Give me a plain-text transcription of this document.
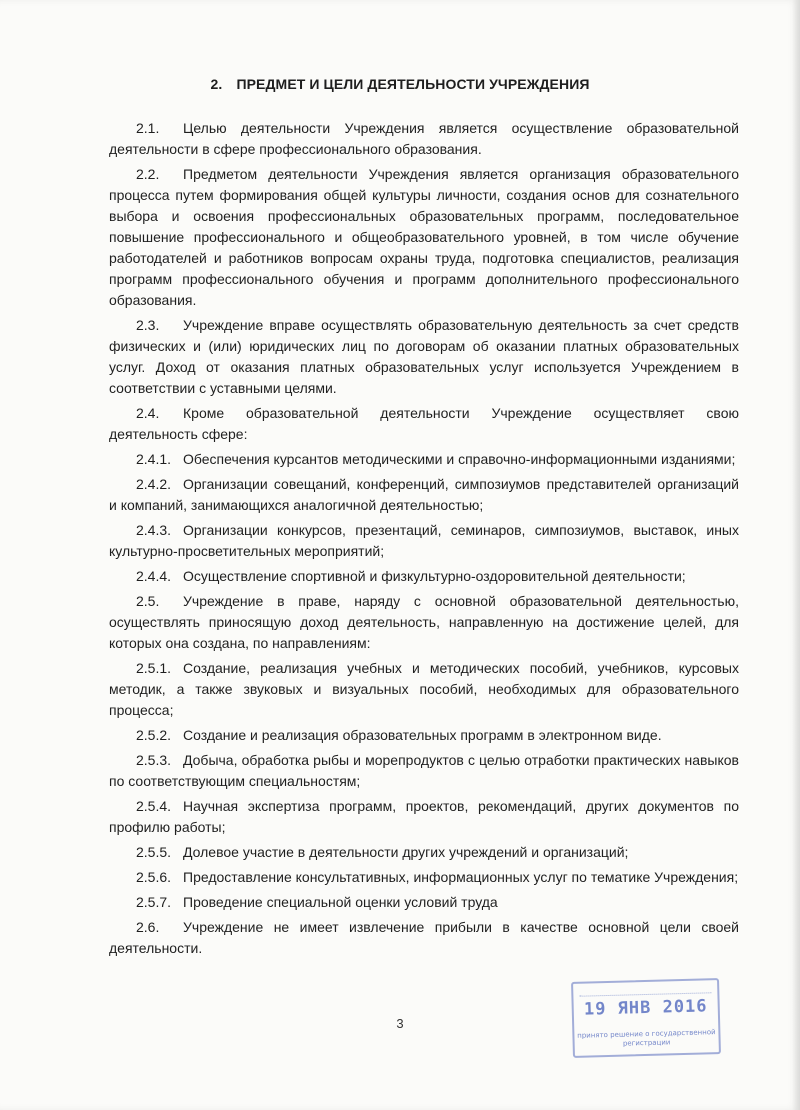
2. ПРЕДМЕТ И ЦЕЛИ ДЕЯТЕЛЬНОСТИ УЧРЕЖДЕНИЯ

2.1. Целью деятельности Учреждения является осуществление образовательной деятельности в сфере профессионального образования.

2.2. Предметом деятельности Учреждения является организация образовательного процесса путем формирования общей культуры личности, создания основ для сознательного выбора и освоения профессиональных образовательных программ, последовательное повышение профессионального и общеобразовательного уровней, в том числе обучение работодателей и работников вопросам охраны труда, подготовка специалистов, реализация программ профессионального обучения и программ дополнительного профессионального образования.

2.3. Учреждение вправе осуществлять образовательную деятельность за счет средств физических и (или) юридических лиц по договорам об оказании платных образовательных услуг. Доход от оказания платных образовательных услуг используется Учреждением в соответствии с уставными целями.

2.4. Кроме образовательной деятельности Учреждение осуществляет свою деятельность сфере:

2.4.1. Обеспечения курсантов методическими и справочно-информационными изданиями;

2.4.2. Организации совещаний, конференций, симпозиумов представителей организаций и компаний, занимающихся аналогичной деятельностью;

2.4.3. Организации конкурсов, презентаций, семинаров, симпозиумов, выставок, иных культурно-просветительных мероприятий;

2.4.4. Осуществление спортивной и физкультурно-оздоровительной деятельности;

2.5. Учреждение в праве, наряду с основной образовательной деятельностью, осуществлять приносящую доход деятельность, направленную на достижение целей, для которых она создана, по направлениям:

2.5.1. Создание, реализация учебных и методических пособий, учебников, курсовых методик, а также звуковых и визуальных пособий, необходимых для образовательного процесса;

2.5.2. Создание и реализация образовательных программ в электронном виде.

2.5.3. Добыча, обработка рыбы и морепродуктов с целью отработки практических навыков по соответствующим специальностям;

2.5.4. Научная экспертиза программ, проектов, рекомендаций, других документов по профилю работы;

2.5.5. Долевое участие в деятельности других учреждений и организаций;

2.5.6. Предоставление консультативных, информационных услуг по тематике Учреждения;

2.5.7. Проведение специальной оценки условий труда

2.6. Учреждение не имеет извлечение прибыли в качестве основной цели своей деятельности.

3
19 ЯНВ 2016
принято решение о государственной регистрации
